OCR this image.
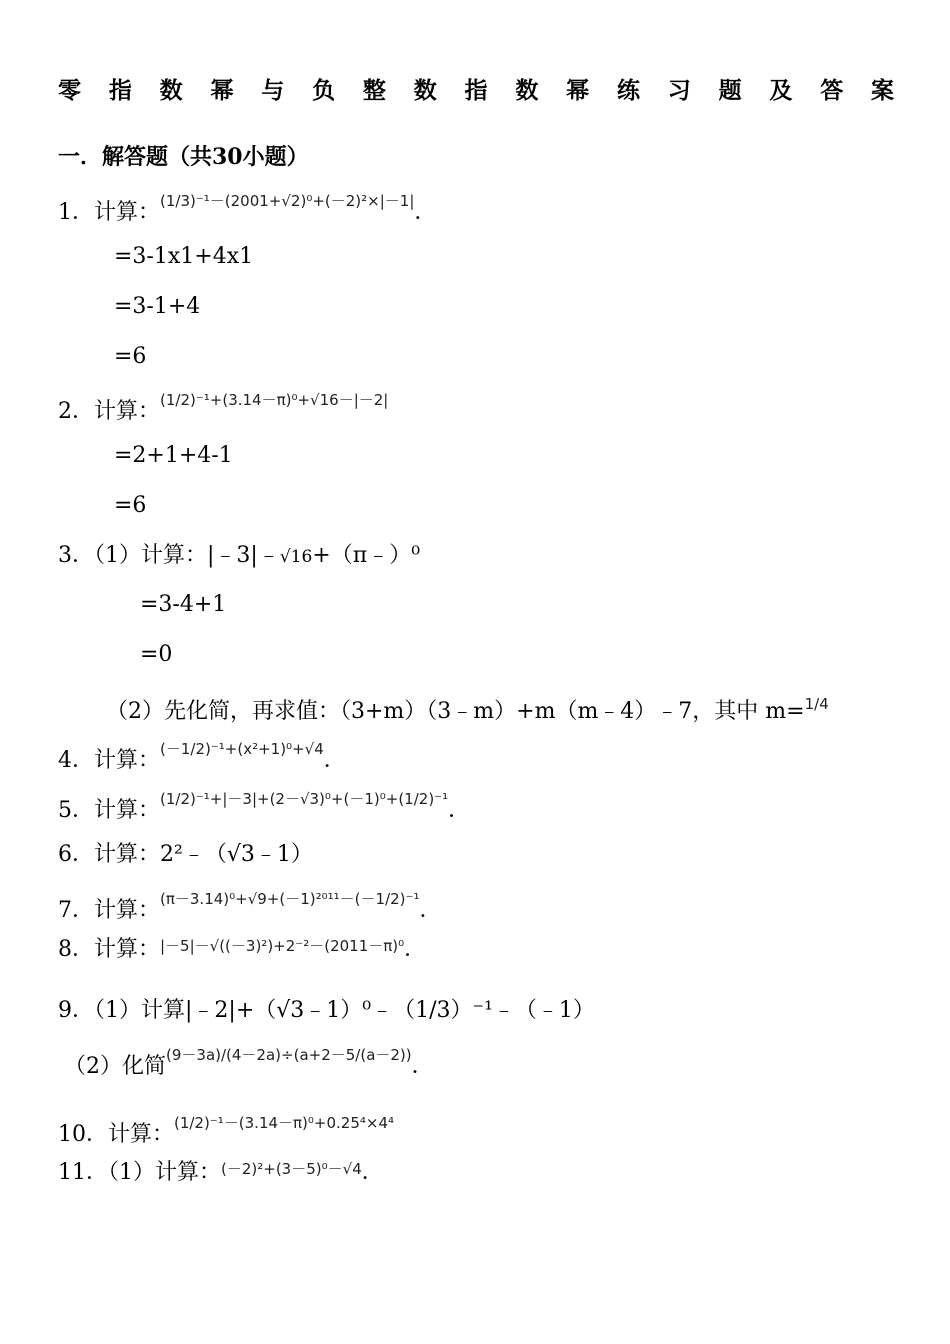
零 指 数 幂 与 负 整 数 指 数 幂 练 习 题 及 答 案
一．解答题（共30小题）
1．计算：(1/3)⁻¹－(2001+√2)⁰+(－2)²×|－1|．
=3-1x1+4x1
=3-1+4
=6
2．计算：(1/2)⁻¹+(3.14－π)⁰+√16－|－2|
=2+1+4-1
=6
3．（1）计算：|﹣3|﹣√16+（π﹣）⁰
=3-4+1
=0
（2）先化简，再求值：（3+m）（3﹣m）+m（m﹣4）﹣7，其中 m=1/4
4．计算：(－1/2)⁻¹+(x²+1)⁰+√4．
5．计算：(1/2)⁻¹+|－3|+(2－√3)⁰+(－1)⁰+(1/2)⁻¹．
6．计算：2²﹣（√3﹣1）
7．计算：(π－3.14)⁰+√9+(－1)²⁰¹¹－(－1/2)⁻¹．
8．计算：|－5|－√((－3)²)+2⁻²－(2011－π)⁰．
9．（1）计算|﹣2|+（√3﹣1）⁰﹣（1/3）⁻¹﹣（﹣1）
（2）化简(9－3a)/(4－2a)÷(a+2－5/(a－2))．
10．计算：(1/2)⁻¹－(3.14－π)⁰+0.25⁴×4⁴
11．（1）计算：(－2)²+(3－5)⁰－√4．
